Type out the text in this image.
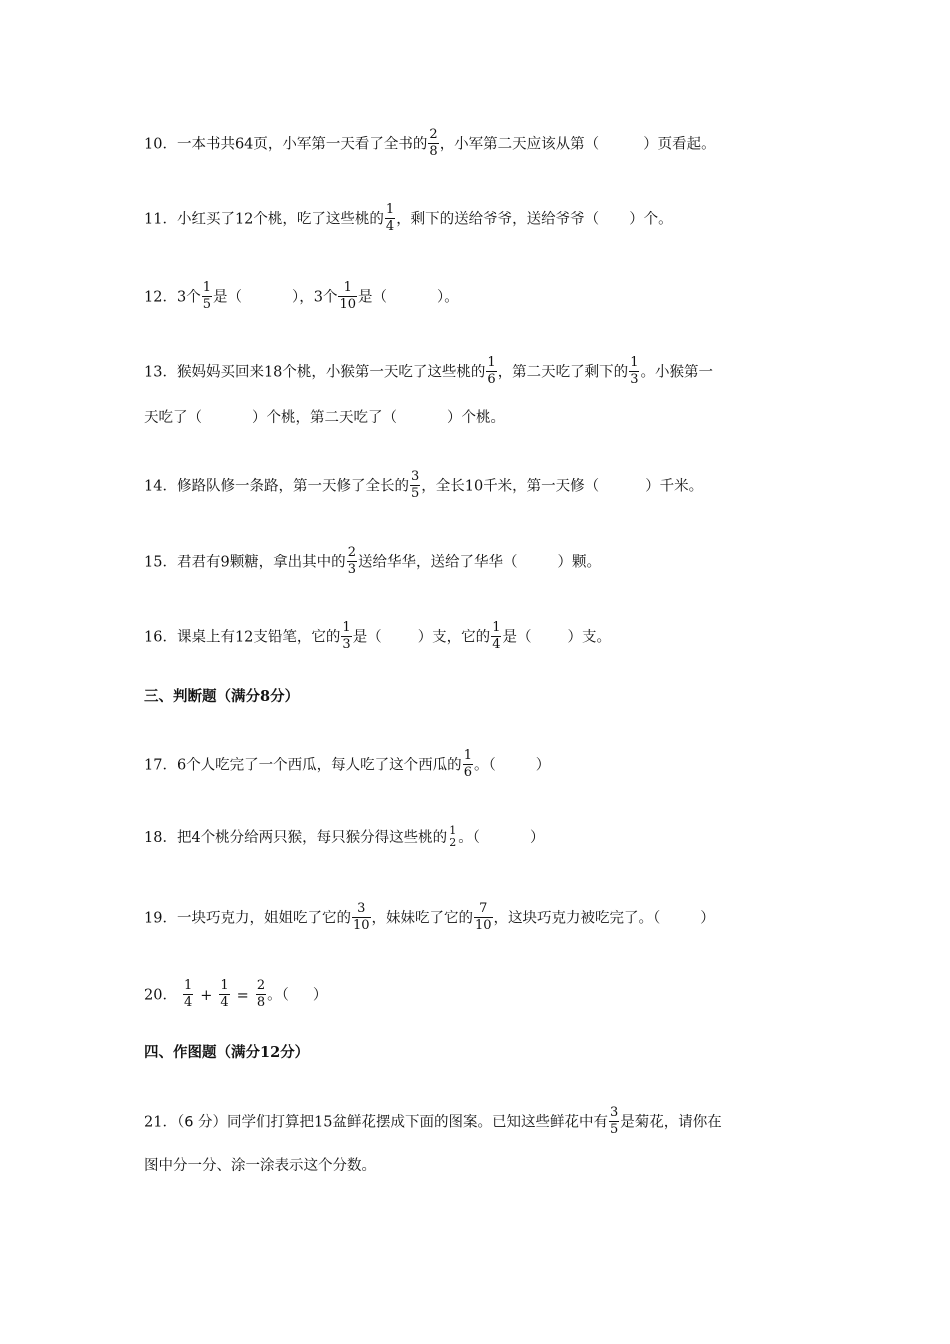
10．一本书共64页，小军第一天看了全书的 $\frac{2}{8}$ ，小军第二天应该从第（	）页看起。
11．小红买了12个桃，吃了这些桃的 $\frac{1}{4}$ ，剩下的送给爷爷，送给爷爷（ ）个。
12．3个 $\frac{1}{5}$ 是（	），3个 $\frac{1}{10}$ 是（	）。
13．猴妈妈买回来18个桃，小猴第一天吃了这些桃的 $\frac{1}{6}$ ，第二天吃了剩下的 $\frac{1}{3}$ 。小猴第一
天吃了（	）个桃，第二天吃了（	）个桃。
14．修路队修一条路，第一天修了全长的 $\frac{3}{5}$ ，全长10千米，第一天修（	）千米。
15．君君有9颗糖，拿出其中的 $\frac{2}{3}$ 送给华华，送给了华华（	）颗。
16．课桌上有12支铅笔，它的 $\frac{1}{3}$ 是（ ）支，它的 $\frac{1}{4}$ 是（ ）支。
三、判断题（满分8分）
17．6个人吃完了一个西瓜，每人吃了这个西瓜的 $\frac{1}{6}$ 。（	）
18．把4个桃分给两只猴，每只猴分得这些桃的 1
2 。（	）
19．一块巧克力，姐姐吃了它的 $\frac{3}{10}$ ，妹妹吃了它的 $\frac{7}{10}$ ，这块巧克力被吃完了。（	）
20． $\frac{1}{4} + \frac{1}{4} = \frac{2}{8}$ 。（ ）
四、作图题（满分12分）
21．（6 分）同学们打算把15盆鲜花摆成下面的图案。已知这些鲜花中有 $\frac{3}{5}$ 是菊花，请你在
图中分一分、涂一涂表示这个分数。
